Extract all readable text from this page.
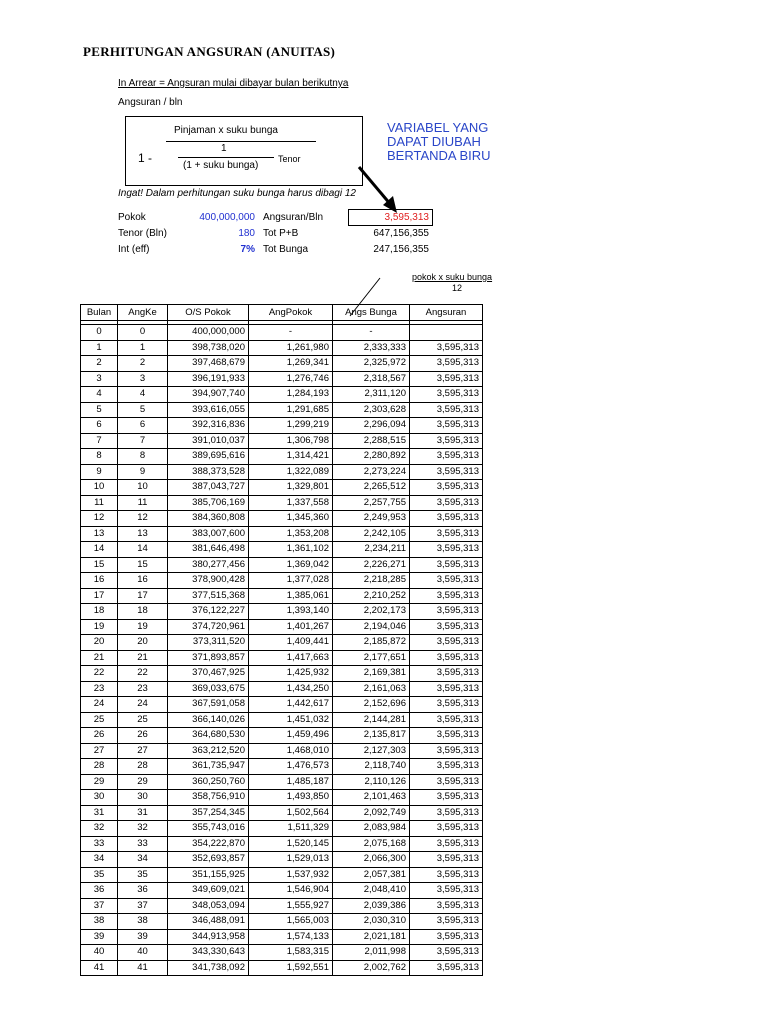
PERHITUNGAN ANGSURAN (ANUITAS)
In Arrear = Angsuran mulai dibayar bulan berikutnya
Angsuran / bln
Pinjaman x suku bunga
1 -
1
(1 + suku bunga)
Tenor
VARIABEL YANG
DAPAT DIUBAH
BERTANDA BIRU
Ingat! Dalam perhitungan suku bunga harus dibagi 12
Pokok	400,000,000
Tenor (Bln)	180
Int (eff)	7%
Angsuran/Bln	3,595,313
Tot P+B	647,156,355
Tot Bunga	247,156,355
pokok x suku bunga
12
Bulan	AngKe	O/S Pokok	AngPokok	Angs Bunga	Angsuran

0	0	400,000,000	-	-	
1	1	398,738,020	1,261,980	2,333,333	3,595,313
2	2	397,468,679	1,269,341	2,325,972	3,595,313
3	3	396,191,933	1,276,746	2,318,567	3,595,313
4	4	394,907,740	1,284,193	2,311,120	3,595,313
5	5	393,616,055	1,291,685	2,303,628	3,595,313
6	6	392,316,836	1,299,219	2,296,094	3,595,313
7	7	391,010,037	1,306,798	2,288,515	3,595,313
8	8	389,695,616	1,314,421	2,280,892	3,595,313
9	9	388,373,528	1,322,089	2,273,224	3,595,313
10	10	387,043,727	1,329,801	2,265,512	3,595,313
11	11	385,706,169	1,337,558	2,257,755	3,595,313
12	12	384,360,808	1,345,360	2,249,953	3,595,313
13	13	383,007,600	1,353,208	2,242,105	3,595,313
14	14	381,646,498	1,361,102	2,234,211	3,595,313
15	15	380,277,456	1,369,042	2,226,271	3,595,313
16	16	378,900,428	1,377,028	2,218,285	3,595,313
17	17	377,515,368	1,385,061	2,210,252	3,595,313
18	18	376,122,227	1,393,140	2,202,173	3,595,313
19	19	374,720,961	1,401,267	2,194,046	3,595,313
20	20	373,311,520	1,409,441	2,185,872	3,595,313
21	21	371,893,857	1,417,663	2,177,651	3,595,313
22	22	370,467,925	1,425,932	2,169,381	3,595,313
23	23	369,033,675	1,434,250	2,161,063	3,595,313
24	24	367,591,058	1,442,617	2,152,696	3,595,313
25	25	366,140,026	1,451,032	2,144,281	3,595,313
26	26	364,680,530	1,459,496	2,135,817	3,595,313
27	27	363,212,520	1,468,010	2,127,303	3,595,313
28	28	361,735,947	1,476,573	2,118,740	3,595,313
29	29	360,250,760	1,485,187	2,110,126	3,595,313
30	30	358,756,910	1,493,850	2,101,463	3,595,313
31	31	357,254,345	1,502,564	2,092,749	3,595,313
32	32	355,743,016	1,511,329	2,083,984	3,595,313
33	33	354,222,870	1,520,145	2,075,168	3,595,313
34	34	352,693,857	1,529,013	2,066,300	3,595,313
35	35	351,155,925	1,537,932	2,057,381	3,595,313
36	36	349,609,021	1,546,904	2,048,410	3,595,313
37	37	348,053,094	1,555,927	2,039,386	3,595,313
38	38	346,488,091	1,565,003	2,030,310	3,595,313
39	39	344,913,958	1,574,133	2,021,181	3,595,313
40	40	343,330,643	1,583,315	2,011,998	3,595,313
41	41	341,738,092	1,592,551	2,002,762	3,595,313
